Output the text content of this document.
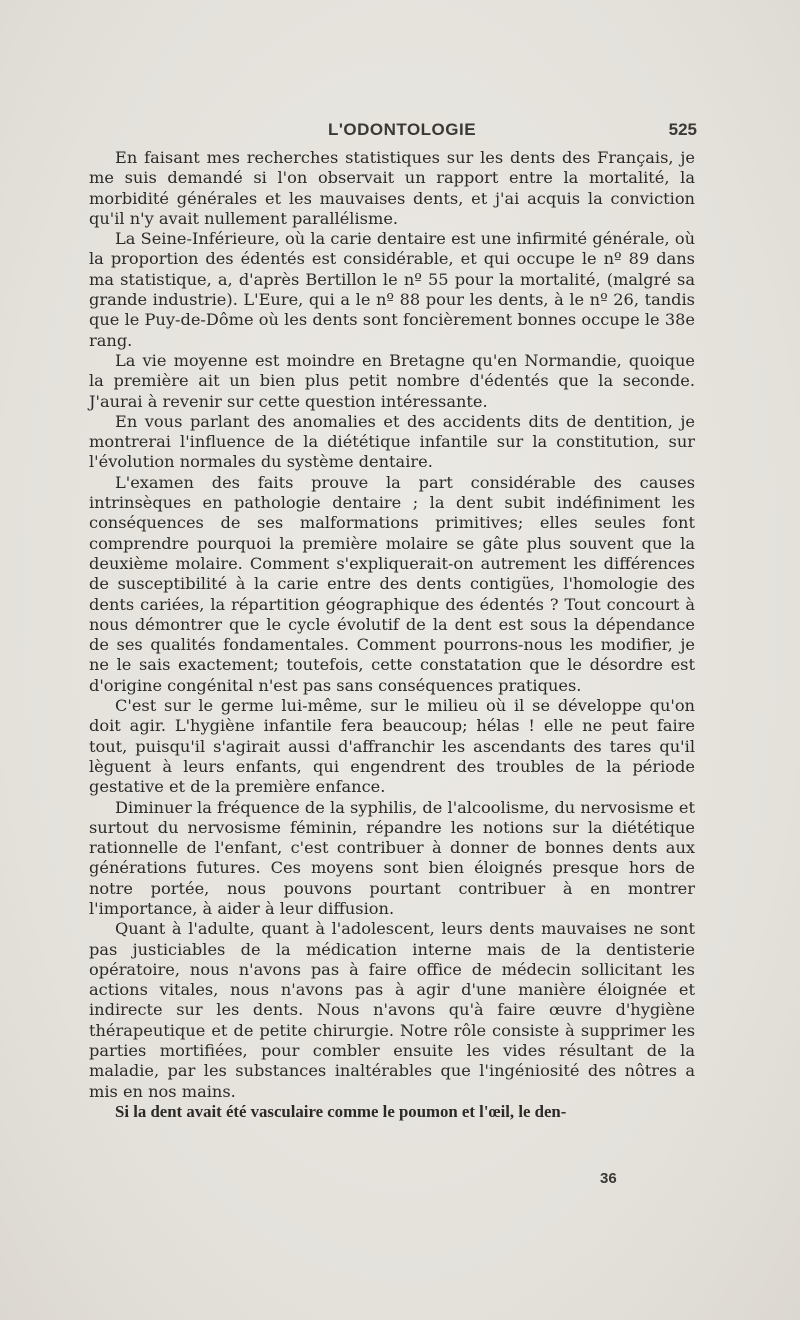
L'ODONTOLOGIE	525

En faisant mes recherches statistiques sur les dents des Français, je me suis demandé si l'on observait un rapport entre la mortalité, la morbidité générales et les mauvaises dents, et j'ai acquis la conviction qu'il n'y avait nullement parallélisme.

La Seine-Inférieure, où la carie dentaire est une infirmité générale, où la proportion des édentés est considérable, et qui occupe le nº 89 dans ma statistique, a, d'après Bertillon le nº 55 pour la mortalité, (malgré sa grande industrie). L'Eure, qui a le nº 88 pour les dents, à le nº 26, tandis que le Puy-de-Dôme où les dents sont foncièrement bonnes occupe le 38e rang.

La vie moyenne est moindre en Bretagne qu'en Normandie, quoique la première ait un bien plus petit nombre d'édentés que la seconde. J'aurai à revenir sur cette question intéressante.

En vous parlant des anomalies et des accidents dits de dentition, je montrerai l'influence de la diététique infantile sur la constitution, sur l'évolution normales du système dentaire.

L'examen des faits prouve la part considérable des causes intrinsèques en pathologie dentaire ; la dent subit indéfiniment les conséquences de ses malformations primitives; elles seules font comprendre pourquoi la première molaire se gâte plus souvent que la deuxième molaire. Comment s'expliquerait-on autrement les différences de susceptibilité à la carie entre des dents contigües, l'homologie des dents cariées, la répartition géographique des édentés ? Tout concourt à nous démontrer que le cycle évolutif de la dent est sous la dépendance de ses qualités fondamentales. Comment pourrons-nous les modifier, je ne le sais exactement; toutefois, cette constatation que le désordre est d'origine congénital n'est pas sans conséquences pratiques.

C'est sur le germe lui-même, sur le milieu où il se développe qu'on doit agir. L'hygiène infantile fera beaucoup; hélas ! elle ne peut faire tout, puisqu'il s'agirait aussi d'affranchir les ascendants des tares qu'il lèguent à leurs enfants, qui engendrent des troubles de la période gestative et de la première enfance.

Diminuer la fréquence de la syphilis, de l'alcoolisme, du nervosisme et surtout du nervosisme féminin, répandre les notions sur la diététique rationnelle de l'enfant, c'est contribuer à donner de bonnes dents aux générations futures. Ces moyens sont bien éloignés presque hors de notre portée, nous pouvons pourtant contribuer à en montrer l'importance, à aider à leur diffusion.

Quant à l'adulte, quant à l'adolescent, leurs dents mauvaises ne sont pas justiciables de la médication interne mais de la dentisterie opératoire, nous n'avons pas à faire office de médecin sollicitant les actions vitales, nous n'avons pas à agir d'une manière éloignée et indirecte sur les dents. Nous n'avons qu'à faire œuvre d'hygiène thérapeutique et de petite chirurgie. Notre rôle consiste à supprimer les parties mortifiées, pour combler ensuite les vides résultant de la maladie, par les substances inaltérables que l'ingéniosité des nôtres a mis en nos mains.

Si la dent avait été vasculaire comme le poumon et l'œil, le den-

36
